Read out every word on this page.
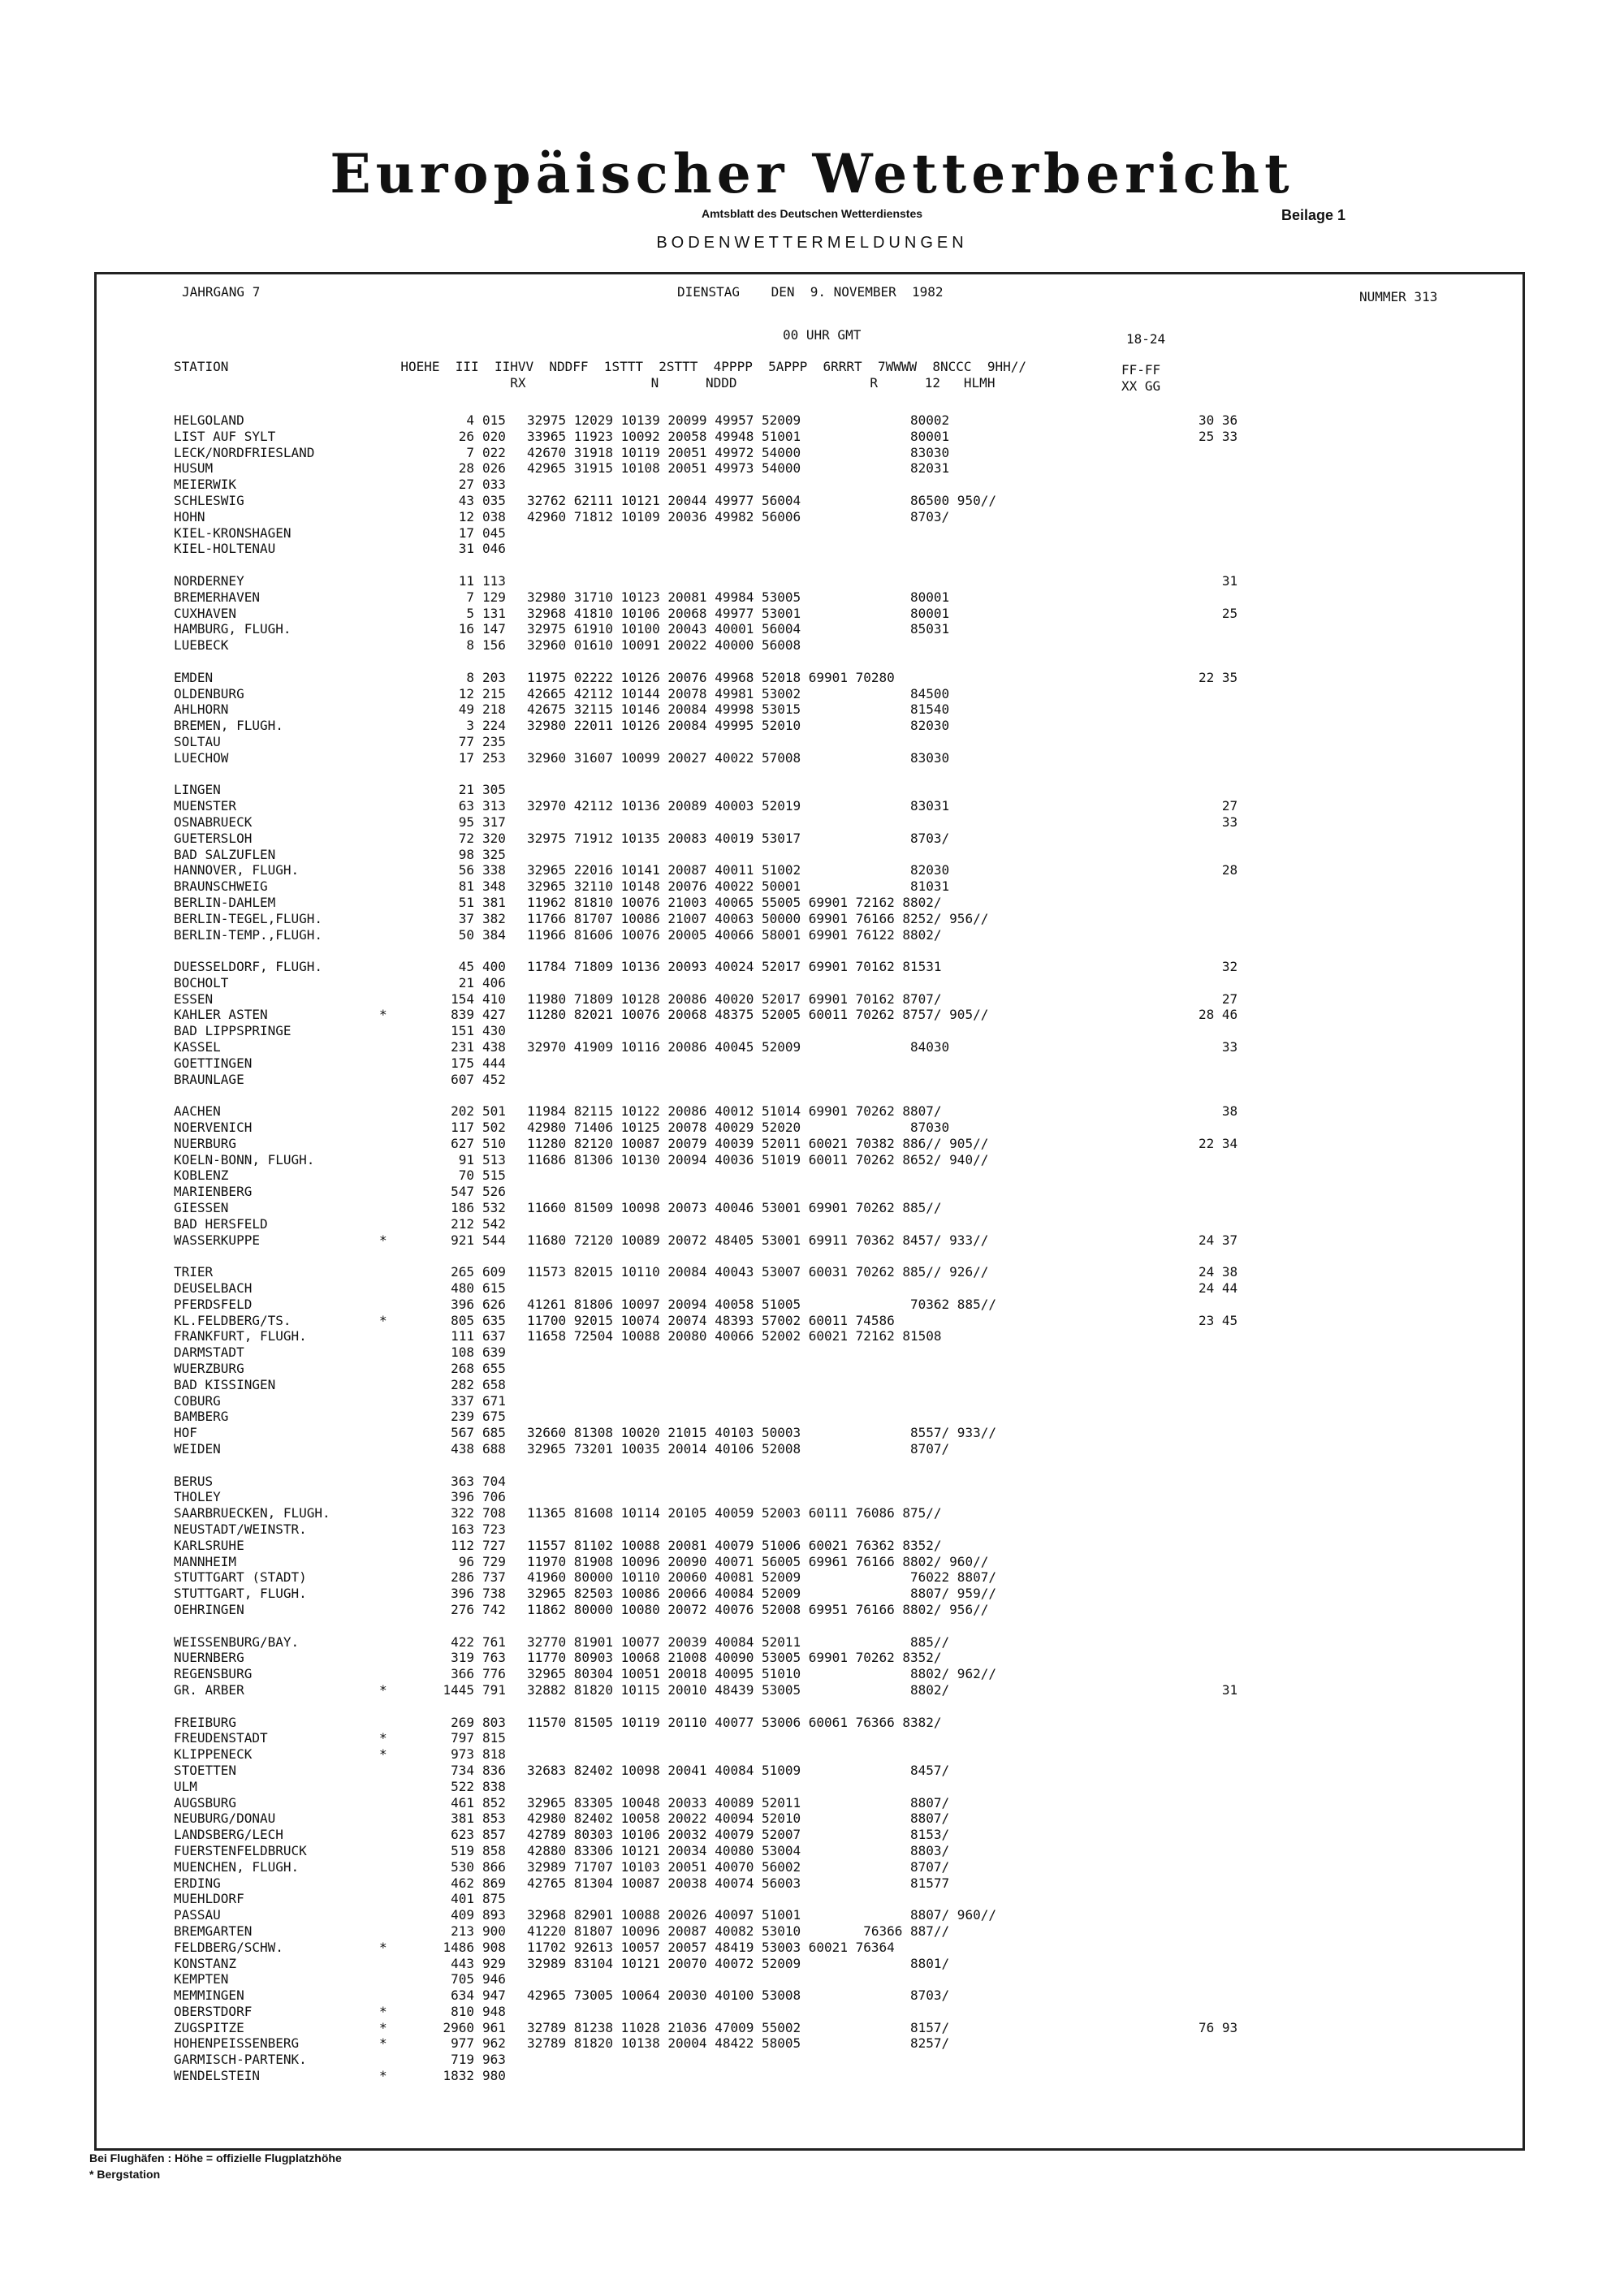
Europäischer Wetterbericht
Amtsblatt des Deutschen Wetterdienstes	Beilage 1
BODENWETTERMELDUNGEN
JAHRGANG 7	DIENSTAG    DEN  9. NOVEMBER  1982	NUMMER 313
00 UHR GMT	18-24
STATION                      HOEHE  III  IIHVV  NDDFF  1STTT  2STTT  4PPPP  5APPP  6RRRT  7WWWW  8NCCC  9HH//
RX                N      NDDD                 R      12   HLMH
FF-FF
XX GG
HELGOLAND	4 015 32975 12029 10139 20099 49957 52009              80002	30 36
LIST AUF SYLT	26 020 33965 11923 10092 20058 49948 51001              80001	25 33
LECK/NORDFRIESLAND	7 022 42670 31918 10119 20051 49972 54000              83030
HUSUM	28 026 42965 31915 10108 20051 49973 54000              82031
MEIERWIK	27 033
SCHLESWIG	43 035 32762 62111 10121 20044 49977 56004              86500 950//
HOHN	12 038 42960 71812 10109 20036 49982 56006              8703/
KIEL-KRONSHAGEN	17 045
KIEL-HOLTENAU	31 046
NORDERNEY	11 113	31
BREMERHAVEN	7 129 32980 31710 10123 20081 49984 53005              80001
CUXHAVEN	5 131 32968 41810 10106 20068 49977 53001              80001	25
HAMBURG, FLUGH.	16 147 32975 61910 10100 20043 40001 56004              85031
LUEBECK	8 156 32960 01610 10091 20022 40000 56008
EMDEN	8 203 11975 02222 10126 20076 49968 52018 69901 70280	22 35
OLDENBURG	12 215 42665 42112 10144 20078 49981 53002              84500
AHLHORN	49 218 42675 32115 10146 20084 49998 53015              81540
BREMEN, FLUGH.	3 224 32980 22011 10126 20084 49995 52010              82030
SOLTAU	77 235
LUECHOW	17 253 32960 31607 10099 20027 40022 57008              83030
LINGEN	21 305
MUENSTER	63 313 32970 42112 10136 20089 40003 52019              83031	27
OSNABRUECK	95 317	33
GUETERSLOH	72 320 32975 71912 10135 20083 40019 53017              8703/
BAD SALZUFLEN	98 325
HANNOVER, FLUGH.	56 338 32965 22016 10141 20087 40011 51002              82030	28
BRAUNSCHWEIG	81 348 32965 32110 10148 20076 40022 50001              81031
BERLIN-DAHLEM	51 381 11962 81810 10076 21003 40065 55005 69901 72162 8802/
BERLIN-TEGEL,FLUGH.	37 382 11766 81707 10086 21007 40063 50000 69901 76166 8252/ 956//
BERLIN-TEMP.,FLUGH.	50 384 11966 81606 10076 20005 40066 58001 69901 76122 8802/
DUESSELDORF, FLUGH.	45 400 11784 71809 10136 20093 40024 52017 69901 70162 81531	32
BOCHOLT	21 406
ESSEN	154 410 11980 71809 10128 20086 40020 52017 69901 70162 8707/	27
KAHLER ASTEN	*	839 427 11280 82021 10076 20068 48375 52005 60011 70262 8757/ 905//	28 46
BAD LIPPSPRINGE	151 430
KASSEL	231 438 32970 41909 10116 20086 40045 52009              84030	33
GOETTINGEN	175 444
BRAUNLAGE	607 452
AACHEN	202 501 11984 82115 10122 20086 40012 51014 69901 70262 8807/	38
NOERVENICH	117 502 42980 71406 10125 20078 40029 52020              87030
NUERBURG	627 510 11280 82120 10087 20079 40039 52011 60021 70382 886// 905//	22 34
KOELN-BONN, FLUGH.	91 513 11686 81306 10130 20094 40036 51019 60011 70262 8652/ 940//
KOBLENZ	70 515
MARIENBERG	547 526
GIESSEN	186 532 11660 81509 10098 20073 40046 53001 69901 70262 885//
BAD HERSFELD	212 542
WASSERKUPPE	*	921 544 11680 72120 10089 20072 48405 53001 69911 70362 8457/ 933//	24 37
TRIER	265 609 11573 82015 10110 20084 40043 53007 60031 70262 885// 926//	24 38
DEUSELBACH	480 615	24 44
PFERDSFELD	396 626 41261 81806 10097 20094 40058 51005              70362 885//
KL.FELDBERG/TS.	*	805 635 11700 92015 10074 20074 48393 57002 60011 74586	23 45
FRANKFURT, FLUGH.	111 637 11658 72504 10088 20080 40066 52002 60021 72162 81508
DARMSTADT	108 639
WUERZBURG	268 655
BAD KISSINGEN	282 658
COBURG	337 671
BAMBERG	239 675
HOF	567 685 32660 81308 10020 21015 40103 50003              8557/ 933//
WEIDEN	438 688 32965 73201 10035 20014 40106 52008              8707/
BERUS	363 704
THOLEY	396 706
SAARBRUECKEN, FLUGH.	322 708 11365 81608 10114 20105 40059 52003 60111 76086 875//
NEUSTADT/WEINSTR.	163 723
KARLSRUHE	112 727 11557 81102 10088 20081 40079 51006 60021 76362 8352/
MANNHEIM	96 729 11970 81908 10096 20090 40071 56005 69961 76166 8802/ 960//
STUTTGART (STADT)	286 737 41960 80000 10110 20060 40081 52009              76022 8807/
STUTTGART, FLUGH.	396 738 32965 82503 10086 20066 40084 52009              8807/ 959//
OEHRINGEN	276 742 11862 80000 10080 20072 40076 52008 69951 76166 8802/ 956//
WEISSENBURG/BAY.	422 761 32770 81901 10077 20039 40084 52011              885//
NUERNBERG	319 763 11770 80903 10068 21008 40090 53005 69901 70262 8352/
REGENSBURG	366 776 32965 80304 10051 20018 40095 51010              8802/ 962//
GR. ARBER	*	1445 791 32882 81820 10115 20010 48439 53005              8802/	31
FREIBURG	269 803 11570 81505 10119 20110 40077 53006 60061 76366 8382/
FREUDENSTADT	*	797 815
KLIPPENECK	*	973 818
STOETTEN	734 836 32683 82402 10098 20041 40084 51009              8457/
ULM	522 838
AUGSBURG	461 852 32965 83305 10048 20033 40089 52011              8807/
NEUBURG/DONAU	381 853 42980 82402 10058 20022 40094 52010              8807/
LANDSBERG/LECH	623 857 42789 80303 10106 20032 40079 52007              8153/
FUERSTENFELDBRUCK	519 858 42880 83306 10121 20034 40080 53004              8803/
MUENCHEN, FLUGH.	530 866 32989 71707 10103 20051 40070 56002              8707/
ERDING	462 869 42765 81304 10087 20038 40074 56003              81577
MUEHLDORF	401 875
PASSAU	409 893 32968 82901 10088 20026 40097 51001              8807/ 960//
BREMGARTEN	213 900 41220 81807 10096 20087 40082 53010        76366 887//
FELDBERG/SCHW.	*	1486 908 11702 92613 10057 20057 48419 53003 60021 76364
KONSTANZ	443 929 32989 83104 10121 20070 40072 52009              8801/
KEMPTEN	705 946
MEMMINGEN	634 947 42965 73005 10064 20030 40100 53008              8703/
OBERSTDORF	*	810 948
ZUGSPITZE	*	2960 961 32789 81238 11028 21036 47009 55002              8157/	76 93
HOHENPEISSENBERG	*	977 962 32789 81820 10138 20004 48422 58005              8257/
GARMISCH-PARTENK.	719 963
WENDELSTEIN	*	1832 980
Bei Flughäfen : Höhe = offizielle Flugplatzhöhe
* Bergstation
